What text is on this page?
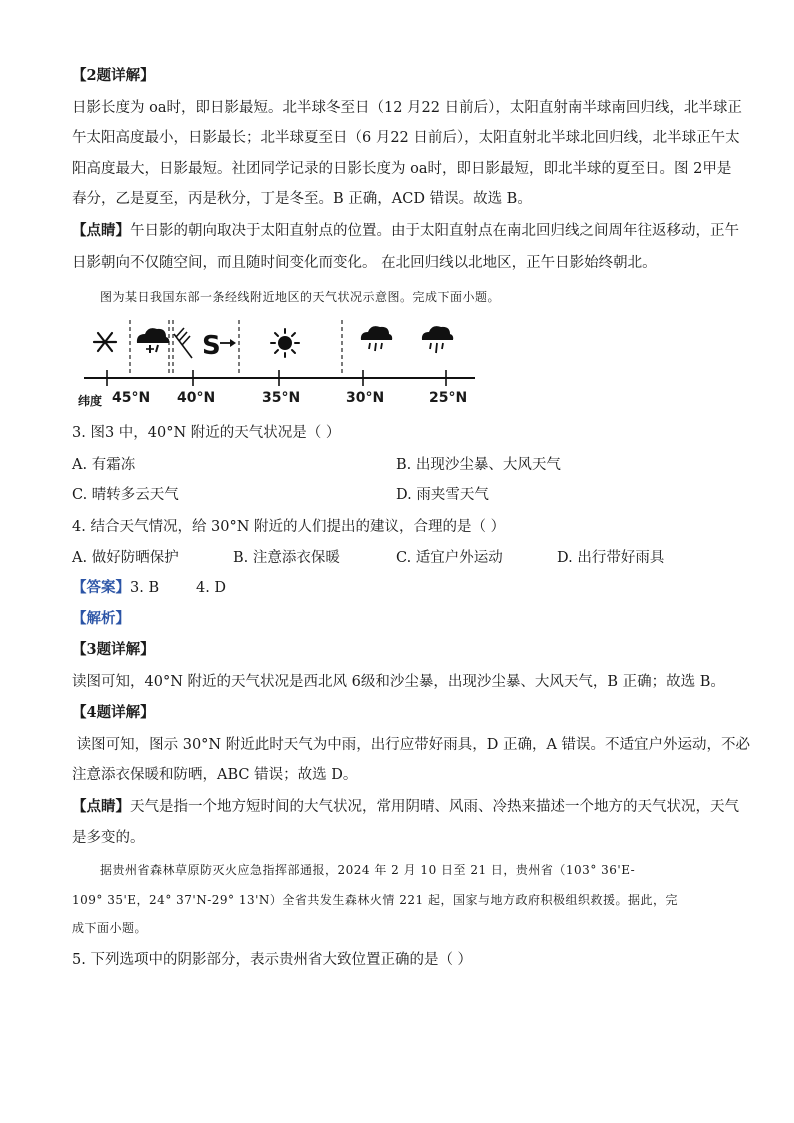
【2题详解】
日影长度为 oa时，即日影最短。北半球冬至日（12 月22 日前后），太阳直射南半球南回归线，北半球正
午太阳高度最小，日影最长；北半球夏至日（6 月22 日前后），太阳直射北半球北回归线，北半球正午太
阳高度最大，日影最短。社团同学记录的日影长度为 oa时，即日影最短，即北半球的夏至日。图 2甲是
春分，乙是夏至，丙是秋分，丁是冬至。B 正确，ACD 错误。故选 B。
【点睛】午日影的朝向取决于太阳直射点的位置。由于太阳直射点在南北回归线之间周年往返移动，正午
日影朝向不仅随空间，而且随时间变化而变化。 在北回归线以北地区，正午日影始终朝北。
图为某日我国东部一条经线附近地区的天气状况示意图。完成下面小题。
S
纬度 45°N 40°N	35°N	30°N	25°N
3. 图3 中，40°N 附近的天气状况是（ ）
A. 有霜冻	B. 出现沙尘暴、大风天气
C. 晴转多云天气	D. 雨夹雪天气
4. 结合天气情况，给 30°N 附近的人们提出的建议，合理的是（ ）
A. 做好防晒保护	B. 注意添衣保暖	C. 适宜户外运动	D. 出行带好雨具
【答案】3. B        4. D
【解析】
【3题详解】
读图可知，40°N 附近的天气状况是西北风 6级和沙尘暴，出现沙尘暴、大风天气，B 正确；故选 B。
【4题详解】
读图可知，图示 30°N 附近此时天气为中雨，出行应带好雨具，D 正确，A 错误。不适宜户外运动，不必
注意添衣保暖和防晒，ABC 错误；故选 D。
【点睛】天气是指一个地方短时间的大气状况，常用阴晴、风雨、冷热来描述一个地方的天气状况，天气
是多变的。
据贵州省森林草原防灭火应急指挥部通报，2024 年 2 月 10 日至 21 日，贵州省（103° 36'E-
109° 35'E，24° 37'N-29° 13'N）全省共发生森林火情 221 起，国家与地方政府积极组织救援。据此，完
成下面小题。
5. 下列选项中的阴影部分，表示贵州省大致位置正确的是（ ）
